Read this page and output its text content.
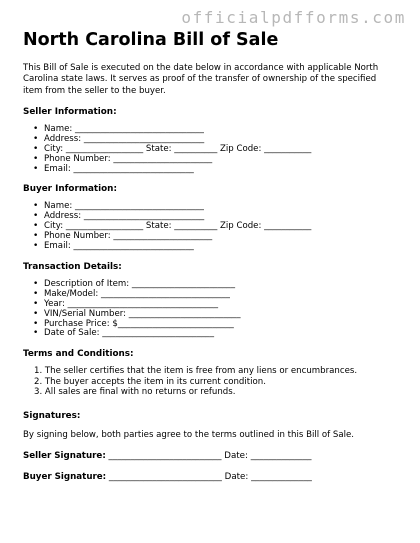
officialpdfforms.com
North Carolina Bill of Sale
This Bill of Sale is executed on the date below in accordance with applicable North Carolina state laws. It serves as proof of the transfer of ownership of the specified item from the seller to the buyer.
Seller Information:
• Name: ______________________________
• Address: ____________________________
• City: __________________ State: __________ Zip Code: ___________
• Phone Number: _______________________
• Email: ____________________________
Buyer Information:
• Name: ______________________________
• Address: ____________________________
• City: __________________ State: __________ Zip Code: ___________
• Phone Number: _______________________
• Email: ____________________________
Transaction Details:
• Description of Item: ________________________
• Make/Model: ______________________________
• Year: ___________________________________
• VIN/Serial Number: __________________________
• Purchase Price: $___________________________
• Date of Sale: __________________________
Terms and Conditions:
1. The seller certifies that the item is free from any liens or encumbrances.
2. The buyer accepts the item in its current condition.
3. All sales are final with no returns or refunds.
Signatures:
By signing below, both parties agree to the terms outlined in this Bill of Sale.
Seller Signature: __________________________ Date: ______________
Buyer Signature: __________________________ Date: ______________
